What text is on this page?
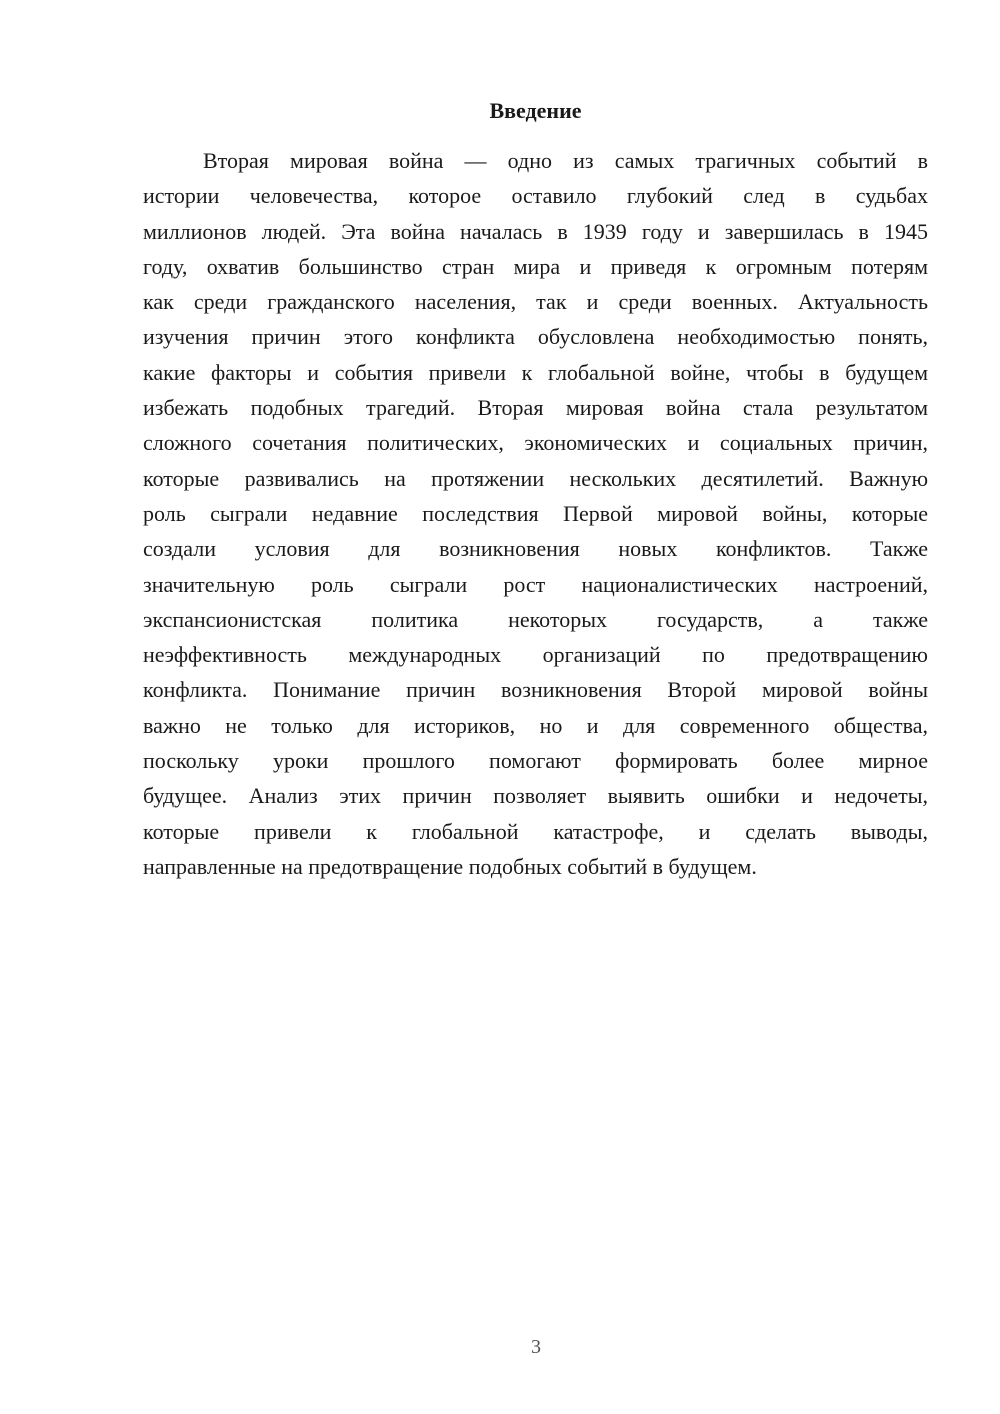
Введение
Вторая мировая война — одно из самых трагичных событий в
истории человечества, которое оставило глубокий след в судьбах
миллионов людей. Эта война началась в 1939 году и завершилась в 1945
году, охватив большинство стран мира и приведя к огромным потерям
как среди гражданского населения, так и среди военных. Актуальность
изучения причин этого конфликта обусловлена необходимостью понять,
какие факторы и события привели к глобальной войне, чтобы в будущем
избежать подобных трагедий. Вторая мировая война стала результатом
сложного сочетания политических, экономических и социальных причин,
которые развивались на протяжении нескольких десятилетий. Важную
роль сыграли недавние последствия Первой мировой войны, которые
создали условия для возникновения новых конфликтов. Также
значительную роль сыграли рост националистических настроений,
экспансионистская политика некоторых государств, а также
неэффективность международных организаций по предотвращению
конфликта. Понимание причин возникновения Второй мировой войны
важно не только для историков, но и для современного общества,
поскольку уроки прошлого помогают формировать более мирное
будущее. Анализ этих причин позволяет выявить ошибки и недочеты,
которые привели к глобальной катастрофе, и сделать выводы,
направленные на предотвращение подобных событий в будущем.
3
